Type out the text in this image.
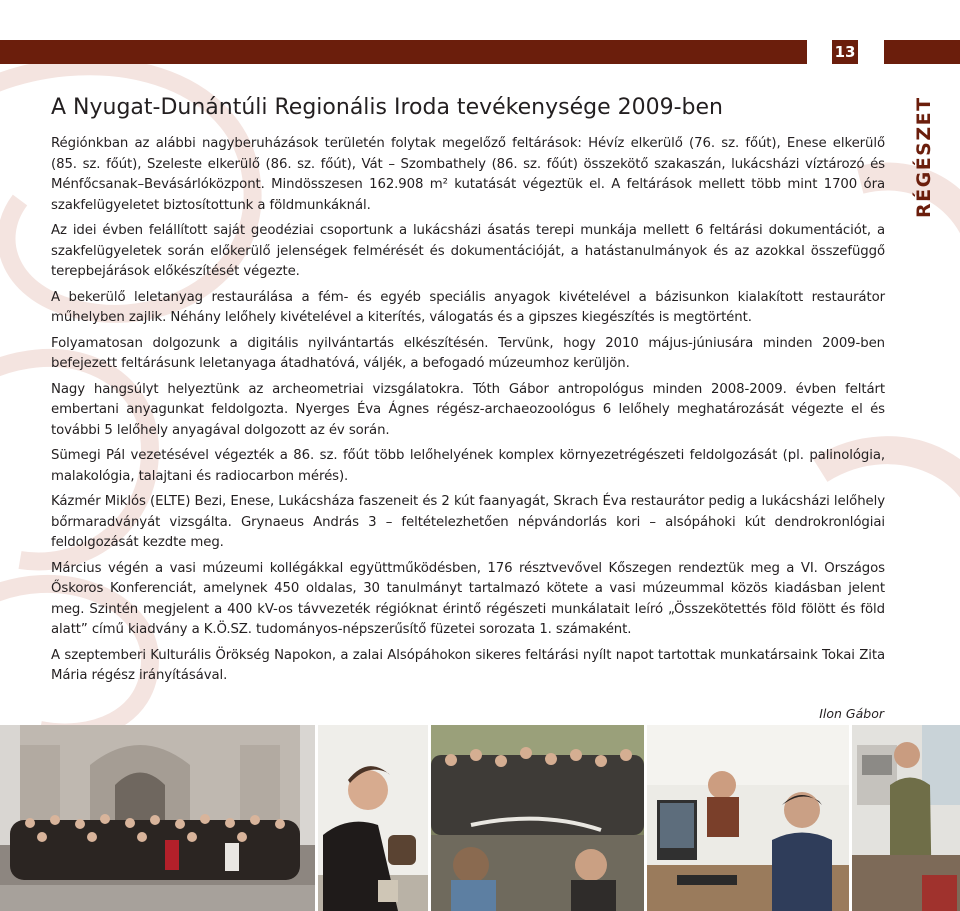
13
RÉGÉSZET
A Nyugat-Dunántúli Regionális Iroda tevékenysége 2009-ben

Régiónkban az alábbi nagyberuházások területén folytak megelőző feltárások: Hévíz elkerülő (76. sz. főút), Enese elkerülő (85. sz. főút), Szeleste elkerülő (86. sz. főút), Vát – Szombathely (86. sz. főút) összekötő szakaszán, lukácsházi víztározó és Ménfőcsanak–Bevásárlóközpont. Mindösszesen 162.908 m² kutatását végeztük el. A feltárások mellett több mint 1700 óra szakfelügyeletet biztosítottunk a földmunkáknál.

Az idei évben felállított saját geodéziai csoportunk a lukácsházi ásatás terepi munkája mellett 6 feltárási dokumentációt, a szakfelügyeletek során előkerülő jelenségek felmérését és dokumentációját, a hatástanulmányok és az azokkal összefüggő terepbejárások előkészítését végezte.

A bekerülő leletanyag restaurálása a fém- és egyéb speciális anyagok kivételével a bázisunkon kialakított restaurátor műhelyben zajlik. Néhány lelőhely kivételével a kiterítés, válogatás és a gipszes kiegészítés is megtörtént.

Folyamatosan dolgozunk a digitális nyilvántartás elkészítésén. Tervünk, hogy 2010 május-júniusára minden 2009-ben befejezett feltárásunk leletanyaga átadhatóvá, váljék, a befogadó múzeumhoz kerüljön.

Nagy hangsúlyt helyeztünk az archeometriai vizsgálatokra. Tóth Gábor antropológus minden 2008-2009. évben feltárt embertani anyagunkat feldolgozta. Nyerges Éva Ágnes régész-archaeozoológus 6 lelőhely meghatározását végezte el és további 5 lelőhely anyagával dolgozott az év során.

Sümegi Pál vezetésével végezték a 86. sz. főút több lelőhelyének komplex környezetrégészeti feldolgozását (pl. palinológia, malakológia, talajtani és radiocarbon mérés).

Kázmér Miklós (ELTE) Bezi, Enese, Lukácsháza faszeneit és 2 kút faanyagát, Skrach Éva restaurátor pedig a lukácsházi lelőhely bőrmaradványát vizsgálta. Grynaeus András 3 – feltételezhetően népvándorlás kori – alsópáhoki kút dendrokronlógiai feldolgozását kezdte meg.

Március végén a vasi múzeumi kollégákkal együttműködésben, 176 résztvevővel Kőszegen rendeztük meg a VI. Országos Őskoros Konferenciát, amelynek 450 oldalas, 30 tanulmányt tartalmazó kötete a vasi múzeummal közös kiadásban jelent meg. Szintén megjelent a 400 kV-os távvezeték régióknat érintő régészeti munkálatait leíró „Összekötettés föld fölött és föld alatt” című kiadvány a K.Ö.SZ. tudományos-népszerűsítő füzetei sorozata 1. számaként.

A szeptemberi Kulturális Örökség Napokon, a zalai Alsópáhokon sikeres feltárási nyílt napot tartottak munkatársaink Tokai Zita Mária régész irányításával.

Ilon Gábor
